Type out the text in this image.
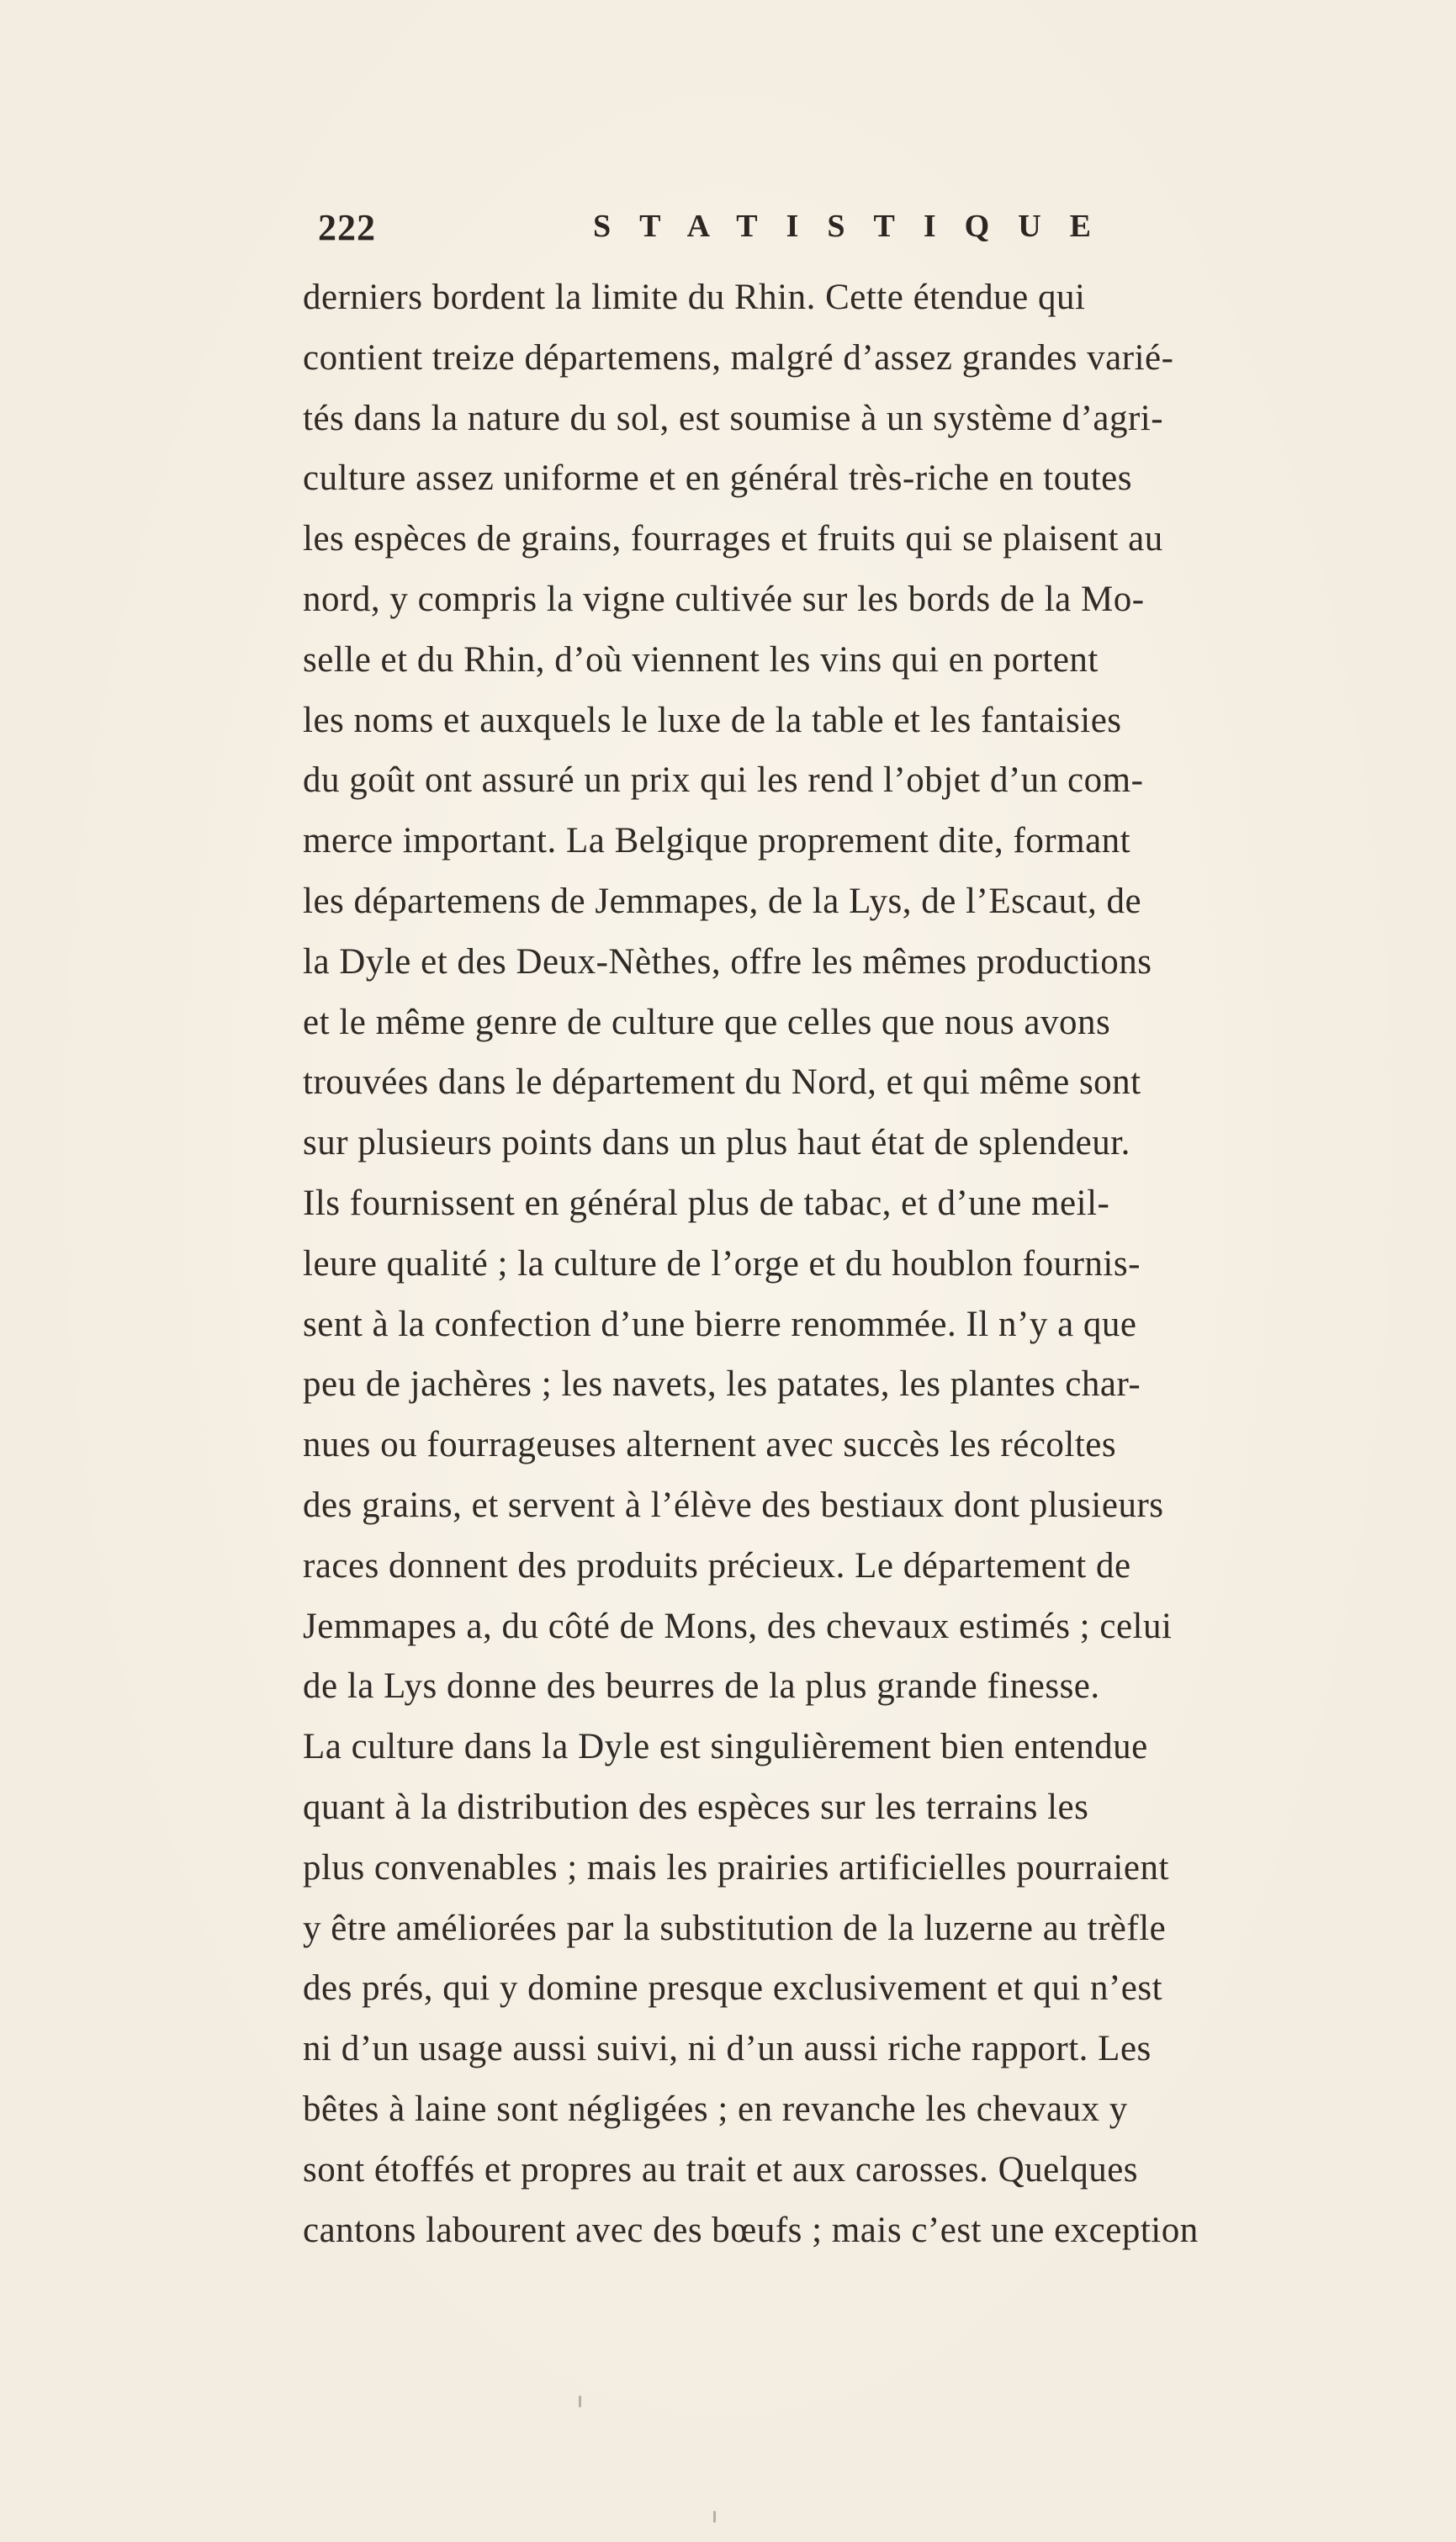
222	STATISTIQUE
derniers bordent la limite du Rhin. Cette étendue qui
contient treize départemens, malgré d’assez grandes varié-
tés dans la nature du sol, est soumise à un système d’agri-
culture assez uniforme et en général très-riche en toutes
les espèces de grains, fourrages et fruits qui se plaisent au
nord, y compris la vigne cultivée sur les bords de la Mo-
selle et du Rhin, d’où viennent les vins qui en portent
les noms et auxquels le luxe de la table et les fantaisies
du goût ont assuré un prix qui les rend l’objet d’un com-
merce important. La Belgique proprement dite, formant
les départemens de Jemmapes, de la Lys, de l’Escaut, de
la Dyle et des Deux-Nèthes, offre les mêmes productions
et le même genre de culture que celles que nous avons
trouvées dans le département du Nord, et qui même sont
sur plusieurs points dans un plus haut état de splendeur.
Ils fournissent en général plus de tabac, et d’une meil-
leure qualité ; la culture de l’orge et du houblon fournis-
sent à la confection d’une bierre renommée. Il n’y a que
peu de jachères ; les navets, les patates, les plantes char-
nues ou fourrageuses alternent avec succès les récoltes
des grains, et servent à l’élève des bestiaux dont plusieurs
races donnent des produits précieux. Le département de
Jemmapes a, du côté de Mons, des chevaux estimés ; celui
de la Lys donne des beurres de la plus grande finesse.
La culture dans la Dyle est singulièrement bien entendue
quant à la distribution des espèces sur les terrains les
plus convenables ; mais les prairies artificielles pourraient
y être améliorées par la substitution de la luzerne au trèfle
des prés, qui y domine presque exclusivement et qui n’est
ni d’un usage aussi suivi, ni d’un aussi riche rapport. Les
bêtes à laine sont négligées ; en revanche les chevaux y
sont étoffés et propres au trait et aux carosses. Quelques
cantons labourent avec des bœufs ; mais c’est une exception
